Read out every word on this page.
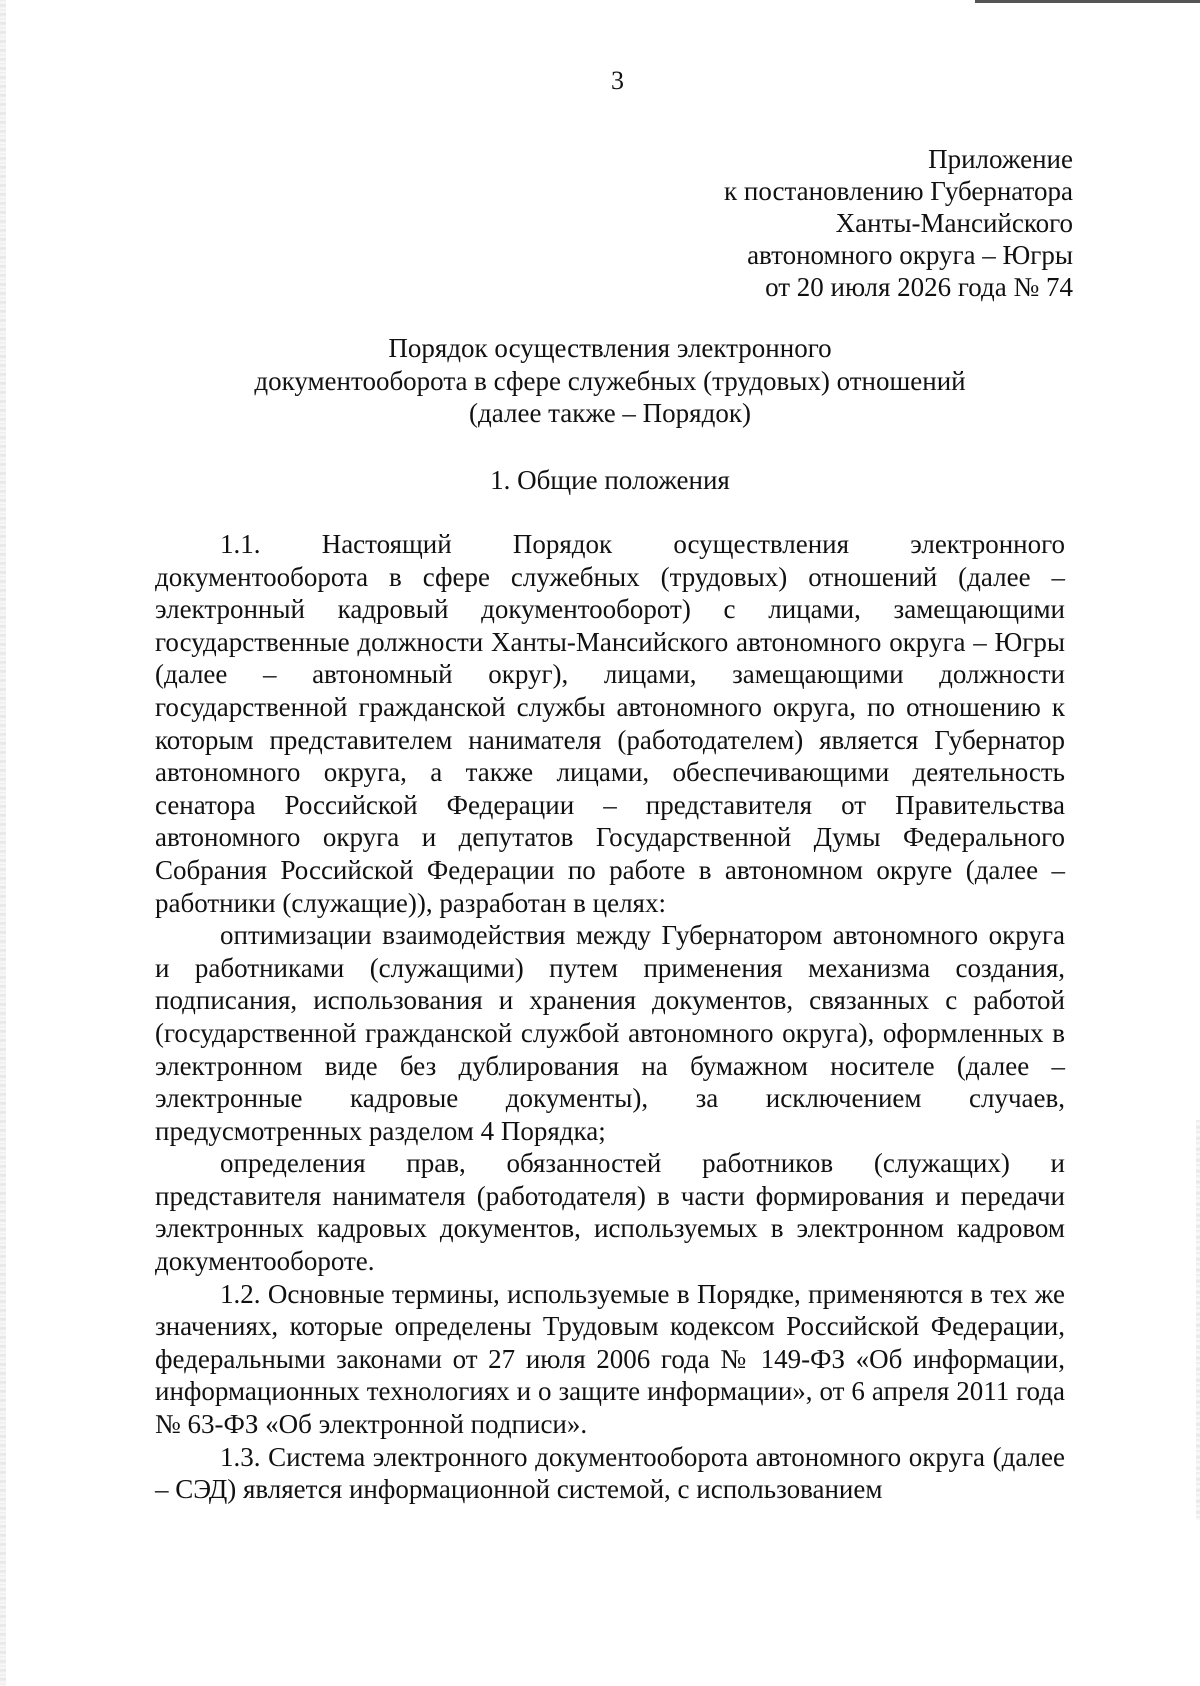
3
Приложение
к постановлению Губернатора
Ханты-Мансийского
автономного округа – Югры
от 20 июля 2026 года № 74
Порядок осуществления электронного
документооборота в сфере служебных (трудовых) отношений
(далее также – Порядок)
1. Общие положения

1.1. Настоящий Порядок осуществления электронного документооборота в сфере служебных (трудовых) отношений (далее – электронный кадровый документооборот) с лицами, замещающими государственные должности Ханты-Мансийского автономного округа – Югры (далее – автономный округ), лицами, замещающими должности государственной гражданской службы автономного округа, по отношению к которым представителем нанимателя (работодателем) является Губернатор автономного округа, а также лицами, обеспечивающими деятельность сенатора Российской Федерации – представителя от Правительства автономного округа и депутатов Государственной Думы Федерального Собрания Российской Федерации по работе в автономном округе (далее – работники (служащие)), разработан в целях:

оптимизации взаимодействия между Губернатором автономного округа и работниками (служащими) путем применения механизма создания, подписания, использования и хранения документов, связанных с работой (государственной гражданской службой автономного округа), оформленных в электронном виде без дублирования на бумажном носителе (далее – электронные кадровые документы), за исключением случаев, предусмотренных разделом 4 Порядка;

определения прав, обязанностей работников (служащих) и представителя нанимателя (работодателя) в части формирования и передачи электронных кадровых документов, используемых в электронном кадровом документообороте.

1.2. Основные термины, используемые в Порядке, применяются в тех же значениях, которые определены Трудовым кодексом Российской Федерации, федеральными законами от 27 июля 2006 года № 149-ФЗ «Об информации, информационных технологиях и о защите информации», от 6 апреля 2011 года № 63-ФЗ «Об электронной подписи».

1.3. Система электронного документооборота автономного округа (далее – СЭД) является информационной системой, с использованием
